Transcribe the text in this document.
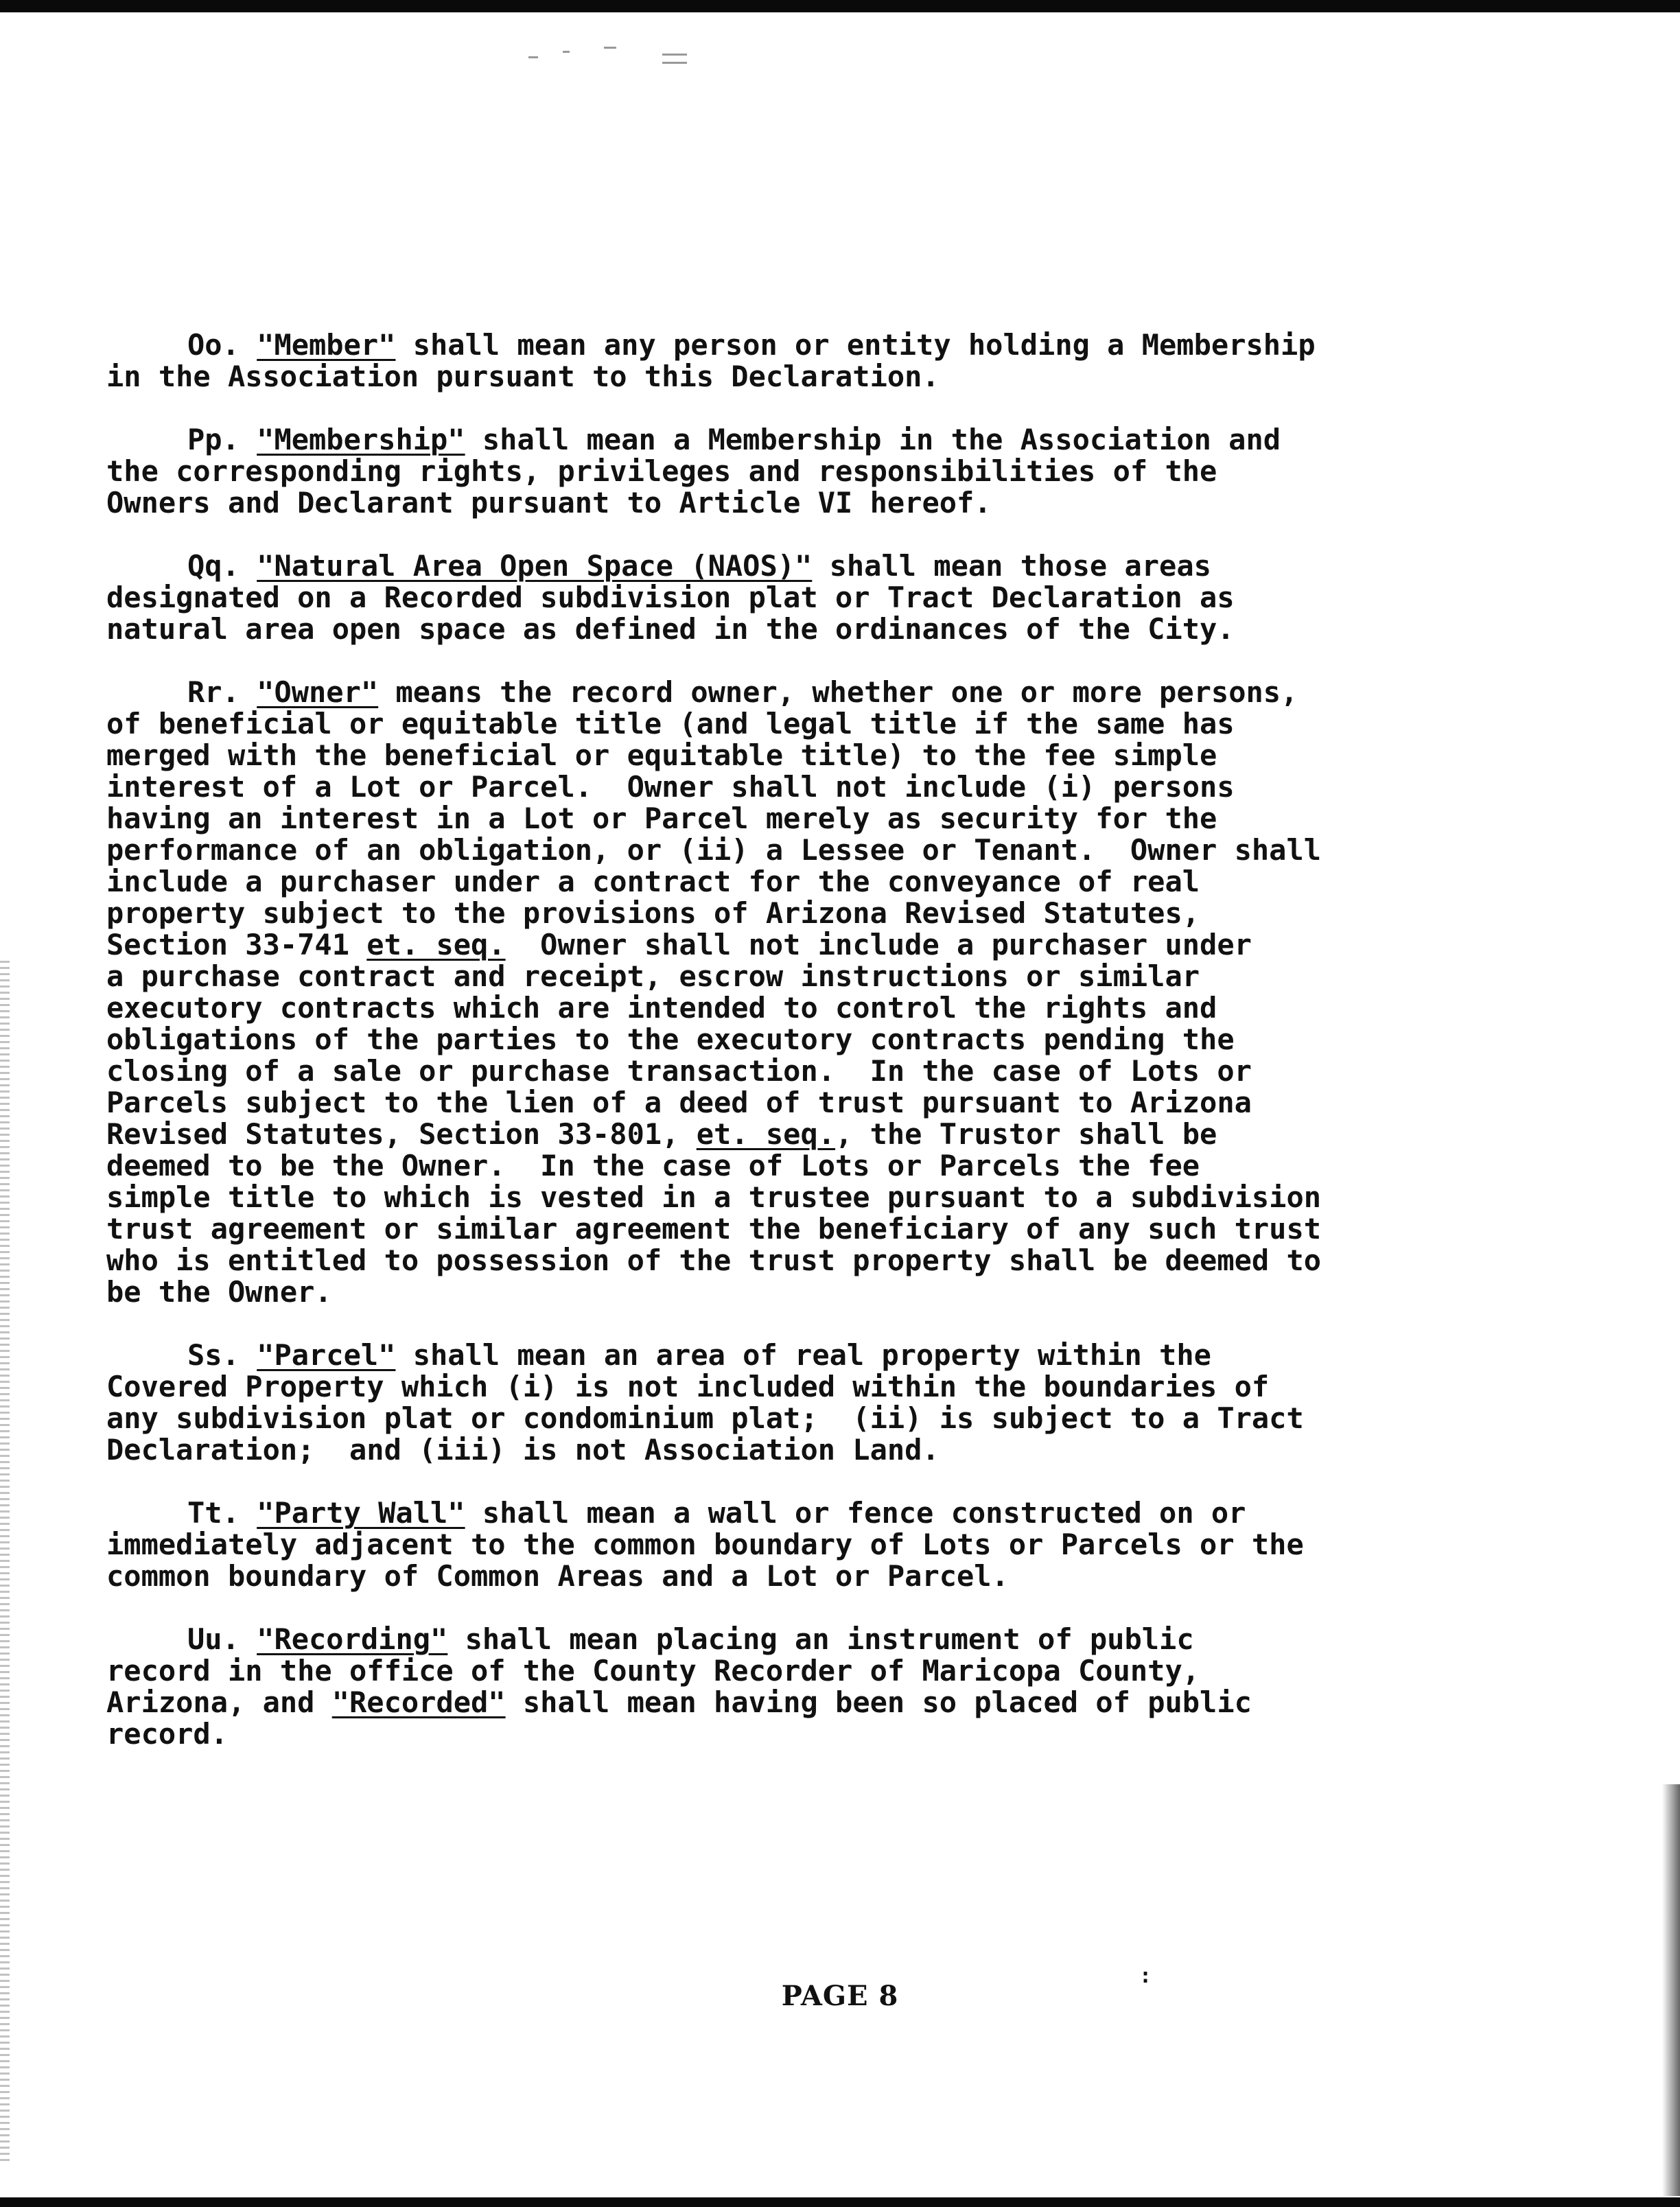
Oo. "Member" shall mean any person or entity holding a Membership
in the Association pursuant to this Declaration.
Pp. "Membership" shall mean a Membership in the Association and
the corresponding rights, privileges and responsibilities of the
Owners and Declarant pursuant to Article VI hereof.
Qq. "Natural Area Open Space (NAOS)" shall mean those areas
designated on a Recorded subdivision plat or Tract Declaration as
natural area open space as defined in the ordinances of the City.
Rr. "Owner" means the record owner, whether one or more persons,
of beneficial or equitable title (and legal title if the same has
merged with the beneficial or equitable title) to the fee simple
interest of a Lot or Parcel.  Owner shall not include (i) persons
having an interest in a Lot or Parcel merely as security for the
performance of an obligation, or (ii) a Lessee or Tenant.  Owner shall
include a purchaser under a contract for the conveyance of real
property subject to the provisions of Arizona Revised Statutes,
Section 33-741 et. seq.  Owner shall not include a purchaser under
a purchase contract and receipt, escrow instructions or similar
executory contracts which are intended to control the rights and
obligations of the parties to the executory contracts pending the
closing of a sale or purchase transaction.  In the case of Lots or
Parcels subject to the lien of a deed of trust pursuant to Arizona
Revised Statutes, Section 33-801, et. seq., the Trustor shall be
deemed to be the Owner.  In the case of Lots or Parcels the fee
simple title to which is vested in a trustee pursuant to a subdivision
trust agreement or similar agreement the beneficiary of any such trust
who is entitled to possession of the trust property shall be deemed to
be the Owner.
Ss. "Parcel" shall mean an area of real property within the
Covered Property which (i) is not included within the boundaries of
any subdivision plat or condominium plat;  (ii) is subject to a Tract
Declaration;  and (iii) is not Association Land.
Tt. "Party Wall" shall mean a wall or fence constructed on or
immediately adjacent to the common boundary of Lots or Parcels or the
common boundary of Common Areas and a Lot or Parcel.
Uu. "Recording" shall mean placing an instrument of public
record in the office of the County Recorder of Maricopa County,
Arizona, and "Recorded" shall mean having been so placed of public
record.
:
PAGE 8
